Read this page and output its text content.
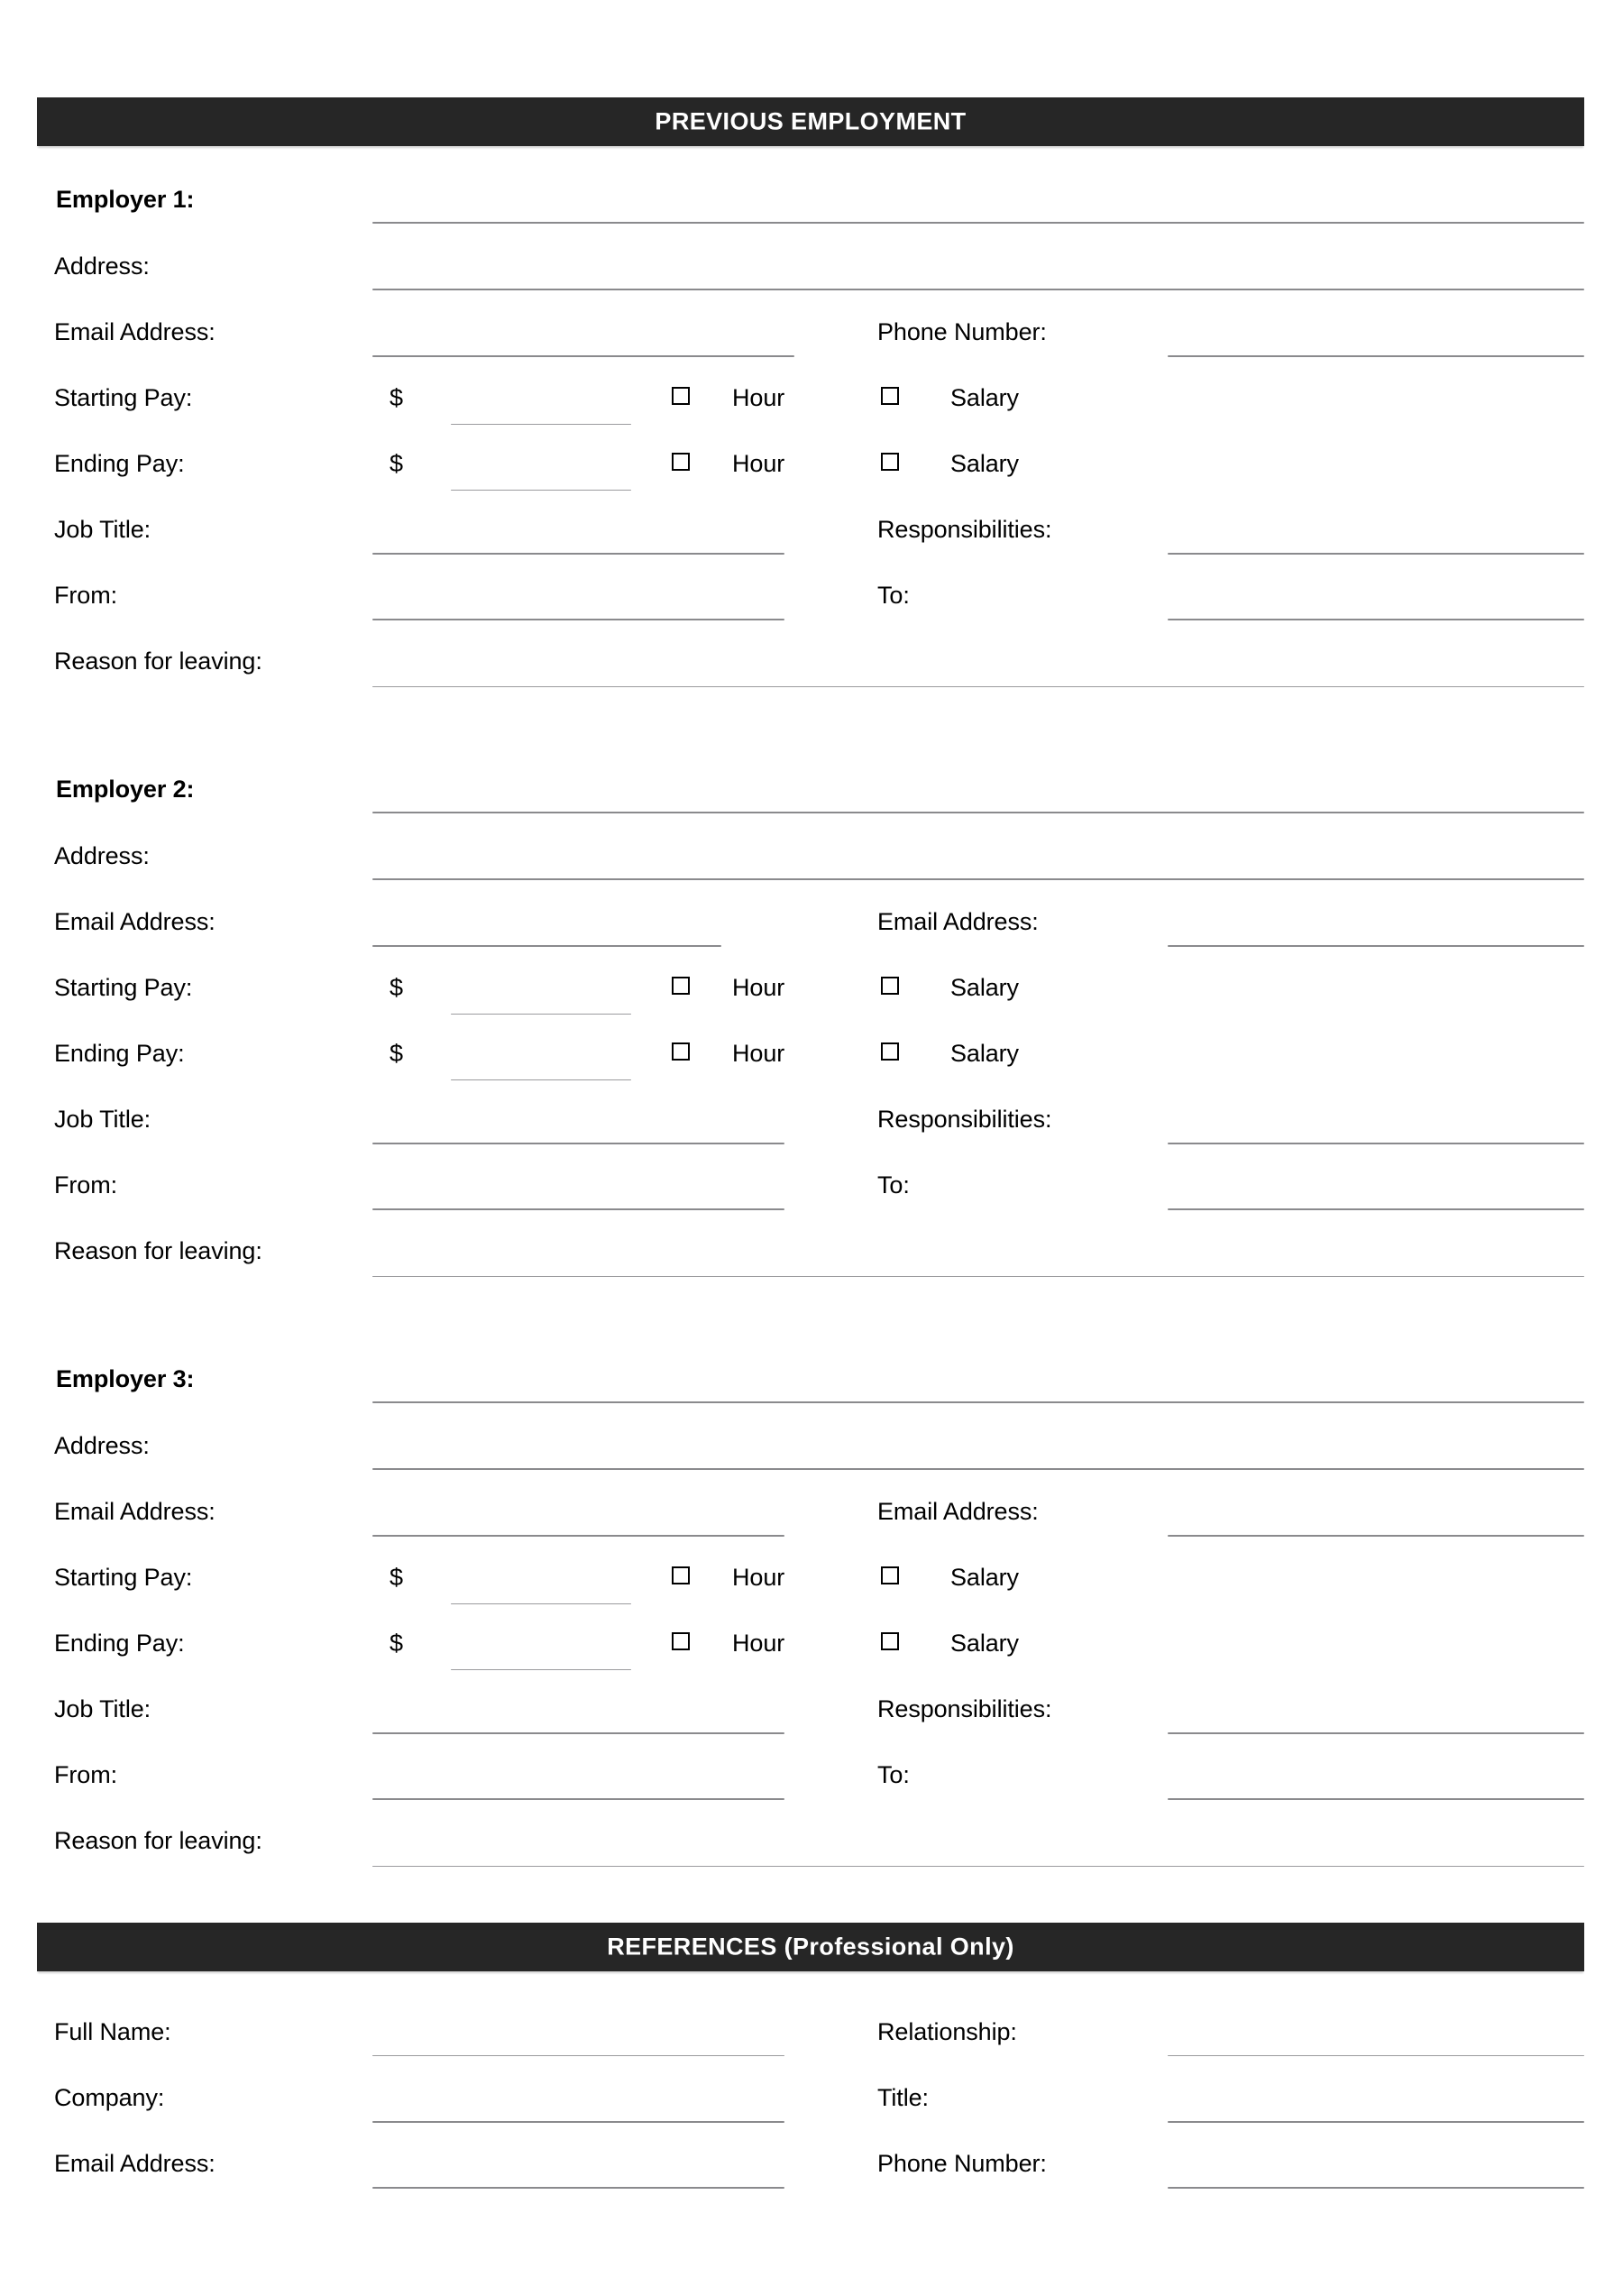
PREVIOUS EMPLOYMENT
Employer 1:
Address:
Email Address:	Phone Number:
Starting Pay:	$	Hour	Salary
Ending Pay:	$	Hour	Salary
Job Title:	Responsibilities:
From:	To:
Reason for leaving:
Employer 2:
Address:
Email Address:	Email Address:
Starting Pay:	$	Hour	Salary
Ending Pay:	$	Hour	Salary
Job Title:	Responsibilities:
From:	To:
Reason for leaving:
Employer 3:
Address:
Email Address:	Email Address:
Starting Pay:	$	Hour	Salary
Ending Pay:	$	Hour	Salary
Job Title:	Responsibilities:
From:	To:
Reason for leaving:
REFERENCES (Professional Only)
Full Name:	Relationship:
Company:	Title:
Email Address:	Phone Number:
